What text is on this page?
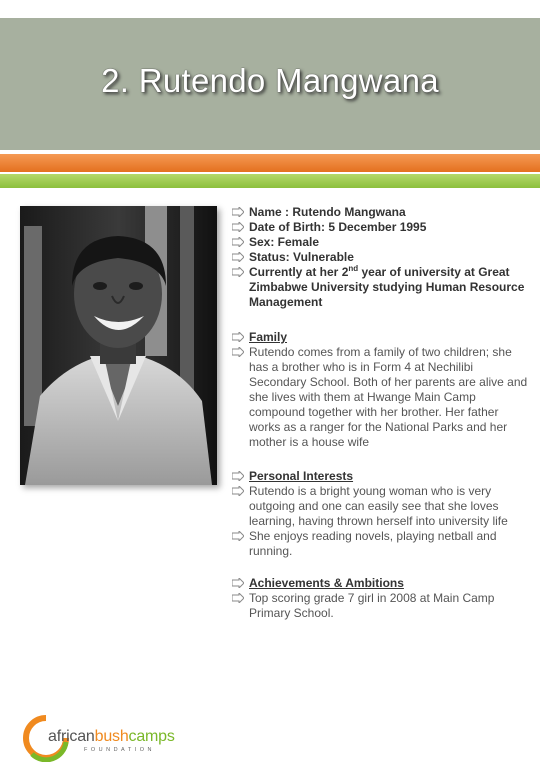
2. Rutendo Mangwana
Name : Rutendo Mangwana
Date of Birth: 5 December 1995
Sex: Female
Status: Vulnerable
Currently at her 2nd year of university at Great Zimbabwe University studying Human Resource Management
Family
Rutendo comes from a family of two children; she has a brother who is in Form 4 at Nechilibi Secondary School. Both of her parents are alive and she lives with them at Hwange Main Camp compound together with her brother. Her father works as a ranger for the National Parks and her mother is a house wife
Personal Interests
Rutendo is a bright young woman who is very outgoing and one can easily see that she loves learning, having thrown herself into university life
She enjoys reading novels, playing netball and running.
Achievements & Ambitions
Top scoring grade 7 girl in 2008 at Main Camp Primary School.
africanbushcamps
FOUNDATION
